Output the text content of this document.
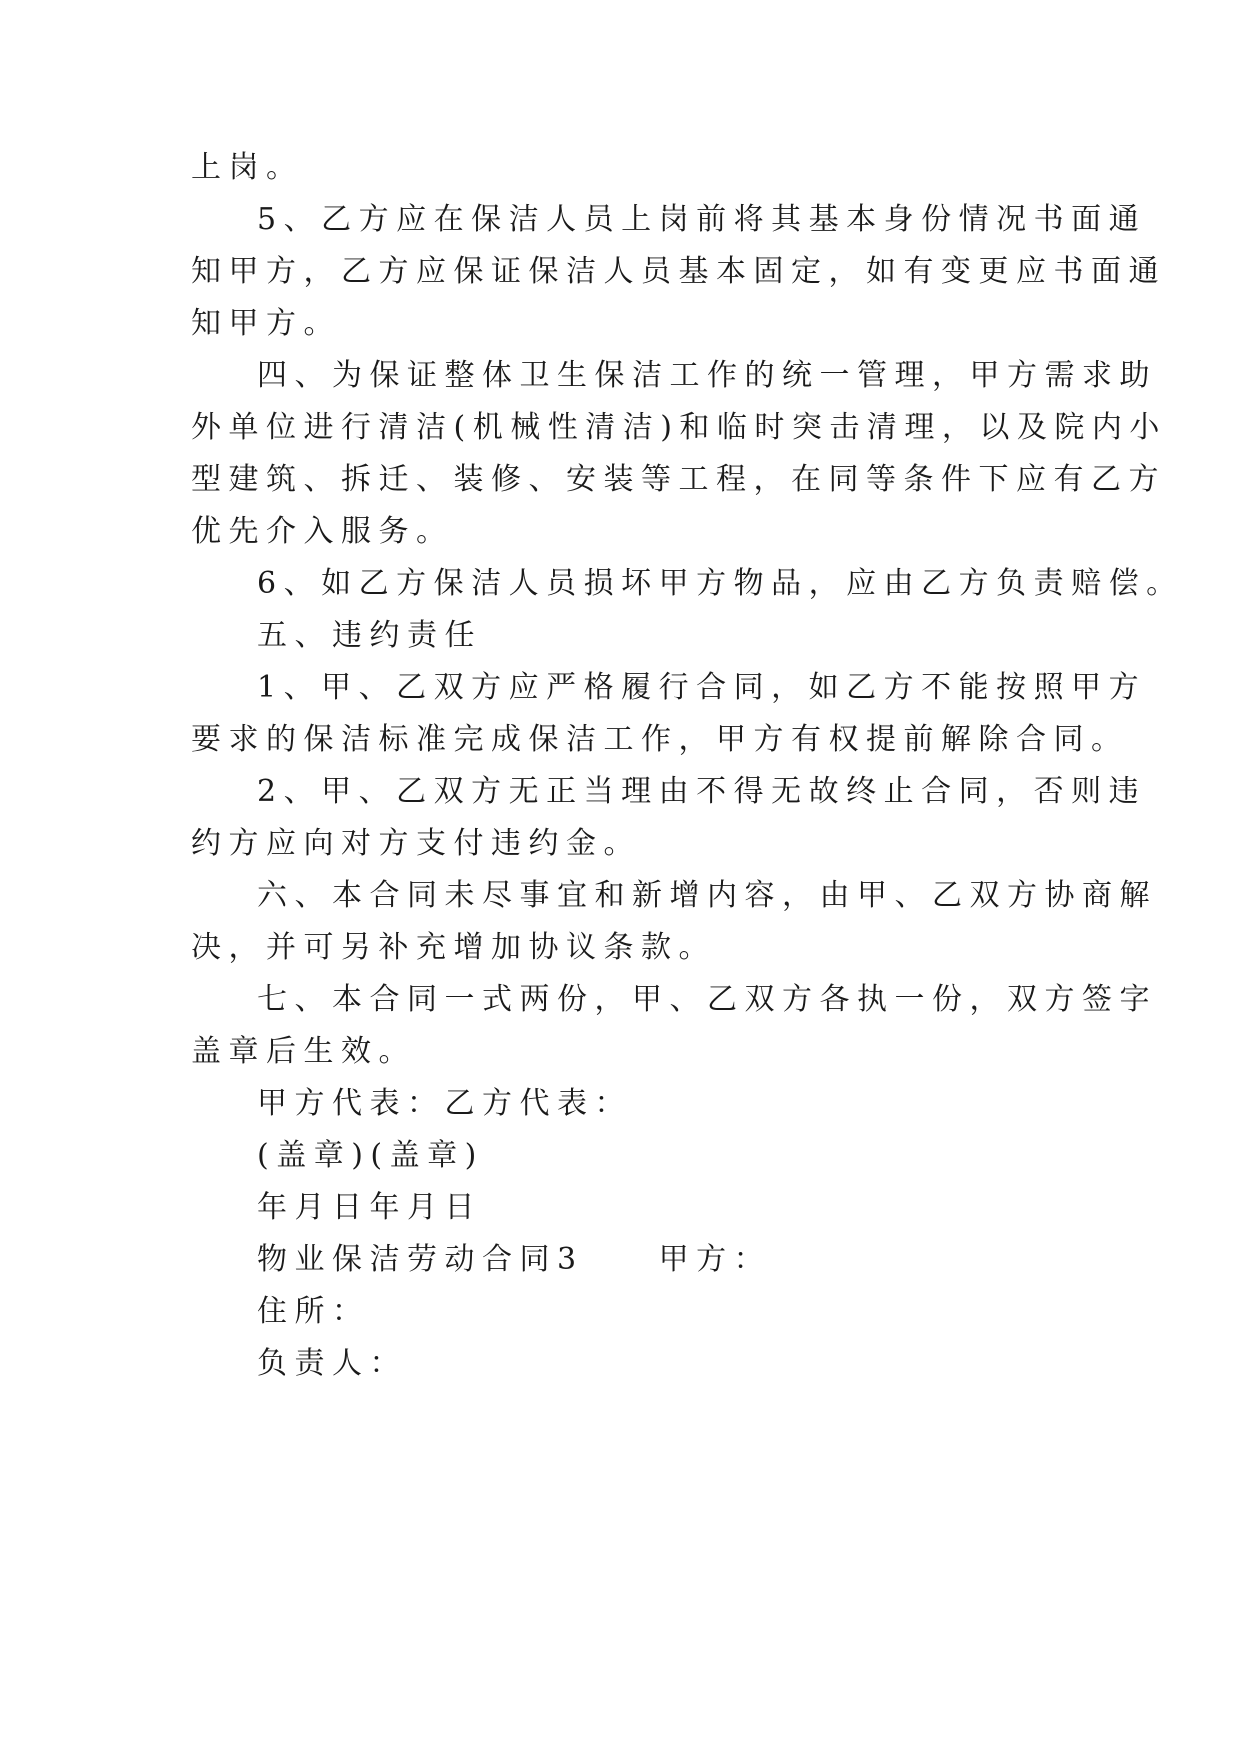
上岗。
5、乙方应在保洁人员上岗前将其基本身份情况书面通
知甲方，乙方应保证保洁人员基本固定，如有变更应书面通
知甲方。
四、为保证整体卫生保洁工作的统一管理，甲方需求助
外单位进行清洁(机械性清洁)和临时突击清理，以及院内小
型建筑、拆迁、装修、安装等工程，在同等条件下应有乙方
优先介入服务。
6、如乙方保洁人员损坏甲方物品，应由乙方负责赔偿。
五、违约责任
1、甲、乙双方应严格履行合同，如乙方不能按照甲方
要求的保洁标准完成保洁工作，甲方有权提前解除合同。
2、甲、乙双方无正当理由不得无故终止合同，否则违
约方应向对方支付违约金。
六、本合同未尽事宜和新增内容，由甲、乙双方协商解
决，并可另补充增加协议条款。
七、本合同一式两份，甲、乙双方各执一份，双方签字
盖章后生效。
甲方代表：乙方代表：
(盖章)(盖章)
年月日年月日
物业保洁劳动合同3　　甲方：
住所：
负责人：
